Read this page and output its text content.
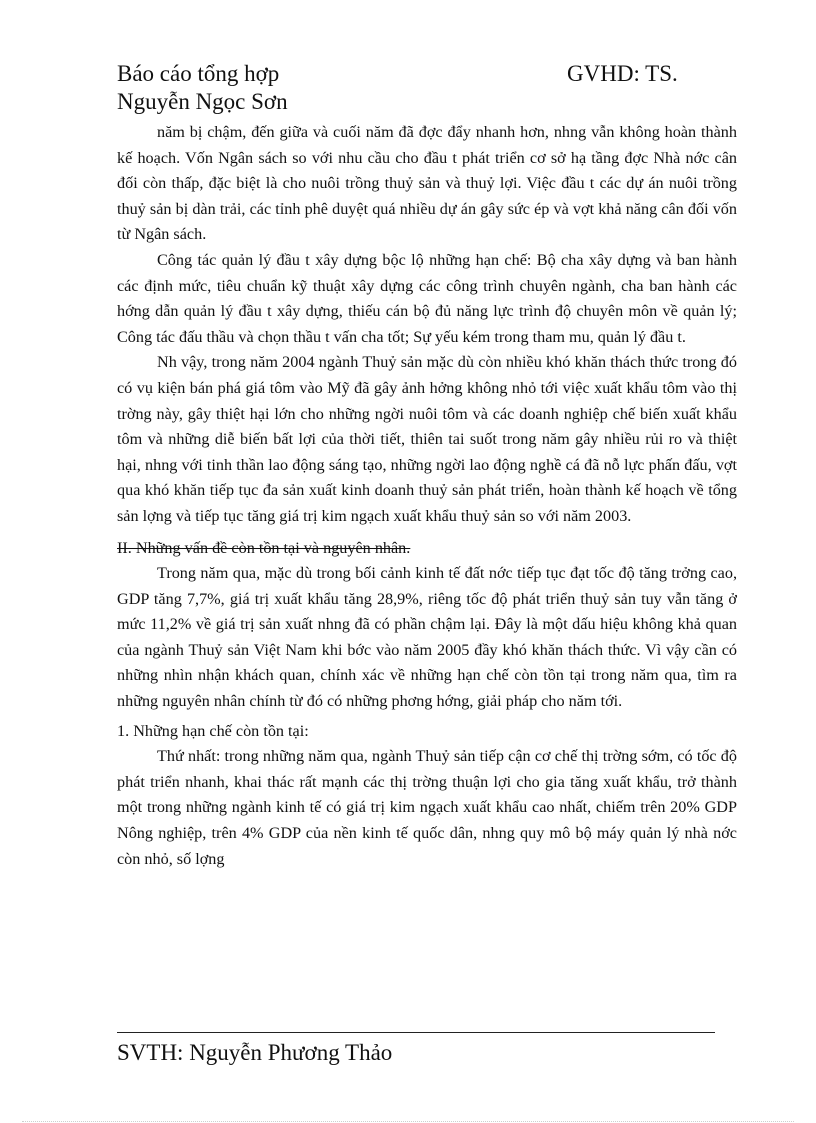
Báo cáo tổng hợp	GVHD: TS.
Nguyễn Ngọc Sơn

năm bị chậm, đến giữa và cuối năm đã đợc đẩy nhanh hơn, nhng vẫn không hoàn thành kế hoạch. Vốn Ngân sách so với nhu cầu cho đầu t phát triển cơ sở hạ tầng đợc Nhà nớc cân đối còn thấp, đặc biệt là cho nuôi trồng thuỷ sản và thuỷ lợi. Việc đầu t các dự án nuôi trồng thuỷ sản bị dàn trải, các tỉnh phê duyệt quá nhiều dự án gây sức ép và vợt khả năng cân đối vốn từ Ngân sách.

Công tác quản lý đầu t xây dựng bộc lộ những hạn chế: Bộ cha xây dựng và ban hành các định mức, tiêu chuẩn kỹ thuật xây dựng các công trình chuyên ngành, cha ban hành các hớng dẫn quản lý đầu t xây dựng, thiếu cán bộ đủ năng lực trình độ chuyên môn về quản lý; Công tác đấu thầu và chọn thầu t vấn cha tốt; Sự yếu kém trong tham mu, quản lý đầu t.

Nh vậy, trong năm 2004 ngành Thuỷ sản mặc dù còn nhiều khó khăn thách thức trong đó có vụ kiện bán phá giá tôm vào Mỹ đã gây ảnh hởng không nhỏ tới việc xuất khẩu tôm vào thị trờng này, gây thiệt hại lớn cho những ngời nuôi tôm và các doanh nghiệp chế biến xuất khẩu tôm và những diễ biến bất lợi của thời tiết, thiên tai suốt trong năm gây nhiều rủi ro và thiệt hại, nhng với tinh thần lao động sáng tạo, những ngời lao động nghề cá đã nỗ lực phấn đấu, vợt qua khó khăn tiếp tục đa sản xuất kinh doanh thuỷ sản phát triển, hoàn thành kế hoạch về tổng sản lợng và tiếp tục tăng giá trị kim ngạch xuất khẩu thuỷ sản so với năm 2003.

II. Những vấn đề còn tồn tại và nguyên nhân.

Trong năm qua, mặc dù trong bối cảnh kinh tế đất nớc tiếp tục đạt tốc độ tăng trởng cao, GDP tăng 7,7%, giá trị xuất khẩu tăng 28,9%, riêng tốc độ phát triển thuỷ sản tuy vẫn tăng ở mức 11,2% về giá trị sản xuất nhng đã có phần chậm lại. Đây là một dấu hiệu không khả quan của ngành Thuỷ sản Việt Nam khi bớc vào năm 2005 đầy khó khăn thách thức. Vì vậy cần có những nhìn nhận khách quan, chính xác về những hạn chế còn tồn tại trong năm qua, tìm ra những nguyên nhân chính từ đó có những phơng hớng, giải pháp cho năm tới.

1. Những hạn chế còn tồn tại:

Thứ nhất: trong những năm qua, ngành Thuỷ sản tiếp cận cơ chế thị trờng sớm, có tốc độ phát triển nhanh, khai thác rất mạnh các thị trờng thuận lợi cho gia tăng xuất khẩu, trở thành một trong những ngành kinh tế có giá trị kim ngạch xuất khẩu cao nhất, chiếm trên 20% GDP Nông nghiệp, trên 4% GDP của nền kinh tế quốc dân, nhng quy mô bộ máy quản lý nhà nớc còn nhỏ, số lợng

SVTH: Nguyễn Phương Thảo
